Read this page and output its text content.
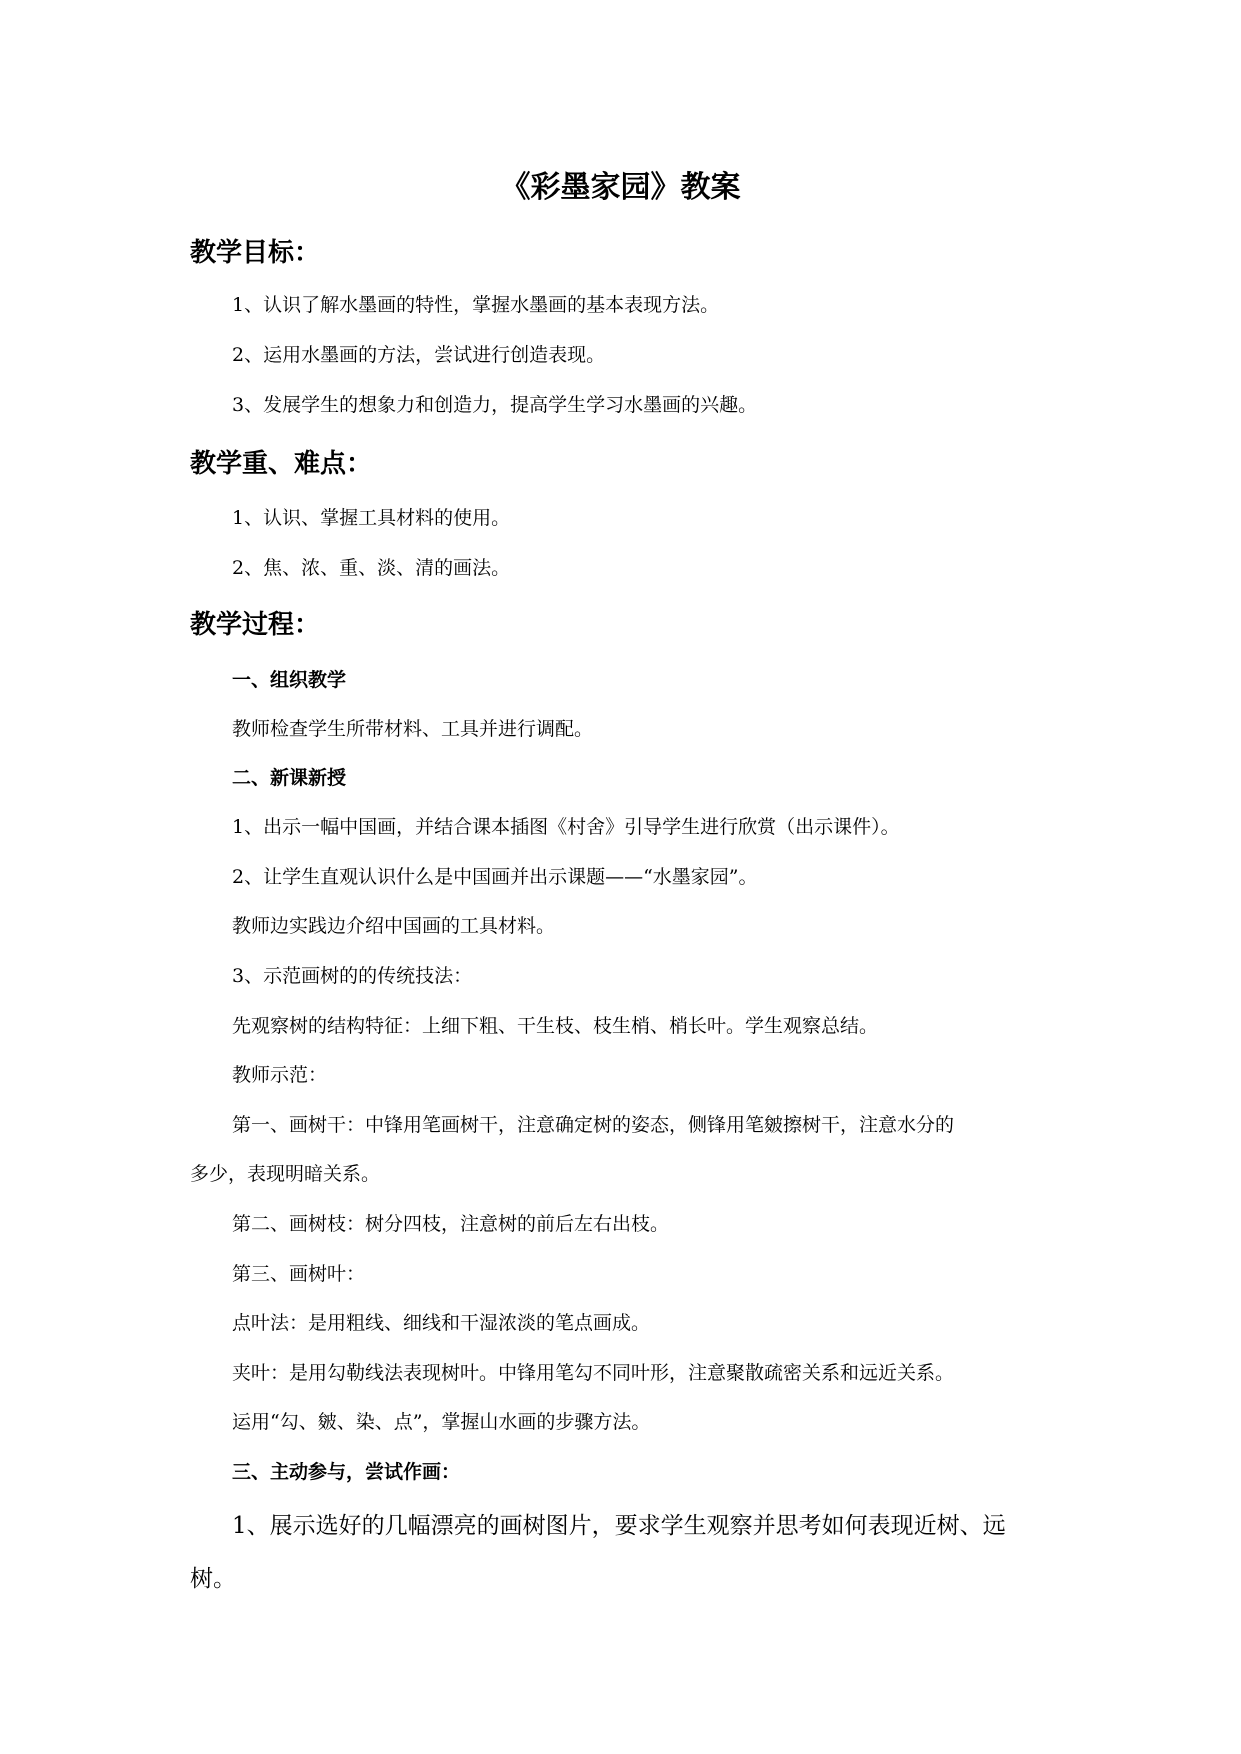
《彩墨家园》教案
教学目标：
1、认识了解水墨画的特性，掌握水墨画的基本表现方法。
2、运用水墨画的方法，尝试进行创造表现。
3、发展学生的想象力和创造力，提高学生学习水墨画的兴趣。
教学重、难点：
1、认识、掌握工具材料的使用。
2、焦、浓、重、淡、清的画法。
教学过程：
一、组织教学
教师检查学生所带材料、工具并进行调配。
二、新课新授
1、出示一幅中国画，并结合课本插图《村舍》引导学生进行欣赏（出示课件）。
2、让学生直观认识什么是中国画并出示课题——“水墨家园”。
教师边实践边介绍中国画的工具材料。
3、示范画树的的传统技法：
先观察树的结构特征：上细下粗、干生枝、枝生梢、梢长叶。学生观察总结。
教师示范：
第一、画树干：中锋用笔画树干，注意确定树的姿态，侧锋用笔皴擦树干，注意水分的
多少，表现明暗关系。
第二、画树枝：树分四枝，注意树的前后左右出枝。
第三、画树叶：
点叶法：是用粗线、细线和干湿浓淡的笔点画成。
夹叶：是用勾勒线法表现树叶。中锋用笔勾不同叶形，注意聚散疏密关系和远近关系。
运用“勾、皴、染、点”，掌握山水画的步骤方法。
三、主动参与，尝试作画：
1、展示选好的几幅漂亮的画树图片，要求学生观察并思考如何表现近树、远
树。
